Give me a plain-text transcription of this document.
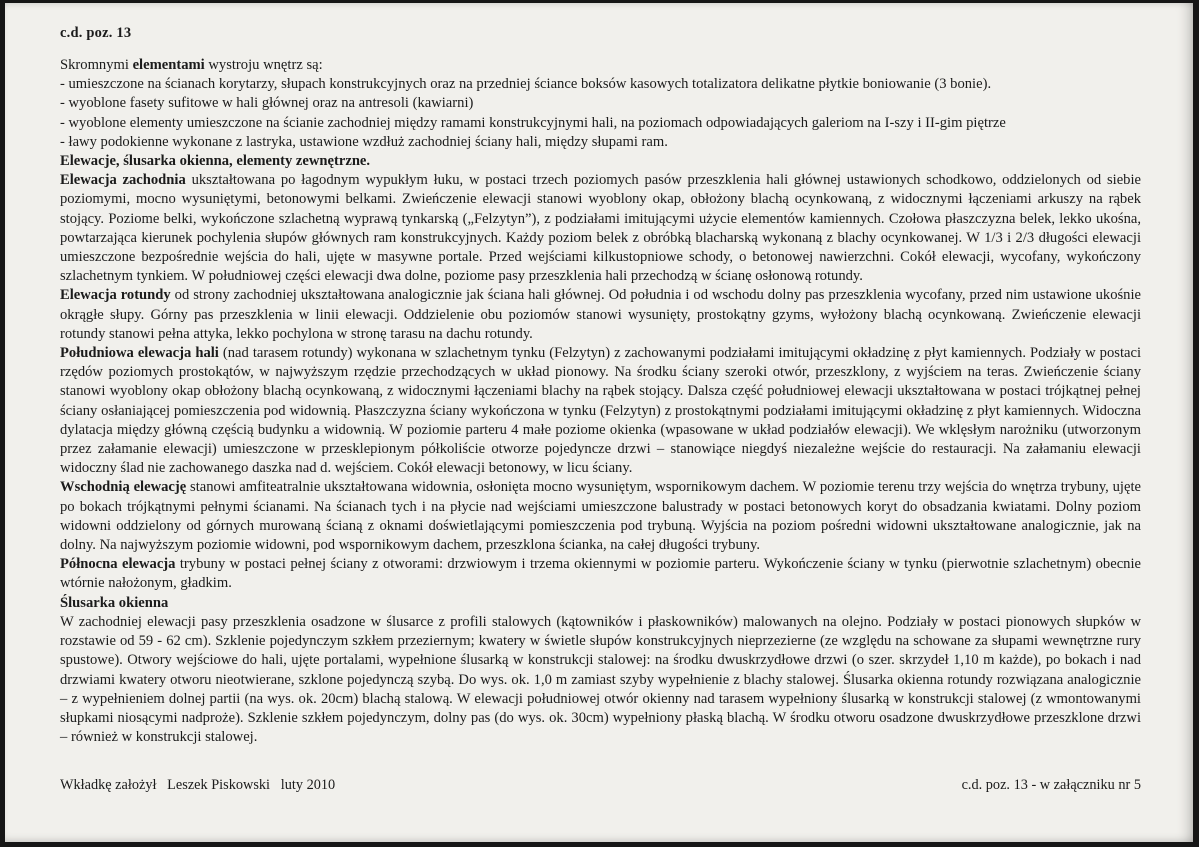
c.d. poz. 13

Skromnymi elementami wystroju wnętrz są:

- umieszczone na ścianach korytarzy, słupach konstrukcyjnych oraz na przedniej ściance boksów kasowych totalizatora delikatne płytkie boniowanie (3 bonie).
- wyoblone fasety sufitowe w hali głównej oraz na antresoli (kawiarni)
- wyoblone elementy umieszczone na ścianie zachodniej między ramami konstrukcyjnymi hali, na poziomach odpowiadających galeriom na I-szy i II-gim piętrze
- ławy podokienne wykonane z lastryka, ustawione wzdłuż zachodniej ściany hali, między słupami ram.

Elewacje, ślusarka okienna, elementy zewnętrzne.

Elewacja zachodnia ukształtowana po łagodnym wypukłym łuku, w postaci trzech poziomych pasów przeszklenia hali głównej ustawionych schodkowo, oddzielonych od siebie poziomymi, mocno wysuniętymi, betonowymi belkami. Zwieńczenie elewacji stanowi wyoblony okap, obłożony blachą ocynkowaną, z widocznymi łączeniami arkuszy na rąbek stojący. Poziome belki, wykończone szlachetną wyprawą tynkarską („Felzytyn”), z podziałami imitującymi użycie elementów kamiennych. Czołowa płaszczyzna belek, lekko ukośna, powtarzająca kierunek pochylenia słupów głównych ram konstrukcyjnych. Każdy poziom belek z obróbką blacharską wykonaną z blachy ocynkowanej. W 1/3 i 2/3 długości elewacji umieszczone bezpośrednie wejścia do hali, ujęte w masywne portale. Przed wejściami kilkustopniowe schody, o betonowej nawierzchni. Cokół elewacji, wycofany, wykończony szlachetnym tynkiem. W południowej części elewacji dwa dolne, poziome pasy przeszklenia hali przechodzą w ścianę osłonową rotundy.

Elewacja rotundy od strony zachodniej ukształtowana analogicznie jak ściana hali głównej. Od południa i od wschodu dolny pas przeszklenia wycofany, przed nim ustawione ukośnie okrągłe słupy. Górny pas przeszklenia w linii elewacji. Oddzielenie obu poziomów stanowi wysunięty, prostokątny gzyms, wyłożony blachą ocynkowaną. Zwieńczenie elewacji rotundy stanowi pełna attyka, lekko pochylona w stronę tarasu na dachu rotundy.

Południowa elewacja hali (nad tarasem rotundy) wykonana w szlachetnym tynku (Felzytyn) z zachowanymi podziałami imitującymi okładzinę z płyt kamiennych. Podziały w postaci rzędów poziomych prostokątów, w najwyższym rzędzie przechodzących w układ pionowy. Na środku ściany szeroki otwór, przeszklony, z wyjściem na teras. Zwieńczenie ściany stanowi wyoblony okap obłożony blachą ocynkowaną, z widocznymi łączeniami blachy na rąbek stojący. Dalsza część południowej elewacji ukształtowana w postaci trójkątnej pełnej ściany osłaniającej pomieszczenia pod widownią. Płaszczyzna ściany wykończona w tynku (Felzytyn) z prostokątnymi podziałami imitującymi okładzinę z płyt kamiennych. Widoczna dylatacja między główną częścią budynku a widownią. W poziomie parteru 4 małe poziome okienka (wpasowane w układ podziałów elewacji). We wklęsłym narożniku (utworzonym przez załamanie elewacji) umieszczone w przesklepionym półkoliście otworze pojedyncze drzwi – stanowiące niegdyś niezależne wejście do restauracji. Na załamaniu elewacji widoczny ślad nie zachowanego daszka nad d. wejściem. Cokół elewacji betonowy, w licu ściany.

Wschodnią elewację stanowi amfiteatralnie ukształtowana widownia, osłonięta mocno wysuniętym, wspornikowym dachem. W poziomie terenu trzy wejścia do wnętrza trybuny, ujęte po bokach trójkątnymi pełnymi ścianami. Na ścianach tych i na płycie nad wejściami umieszczone balustrady w postaci betonowych koryt do obsadzania kwiatami. Dolny poziom widowni oddzielony od górnych murowaną ścianą z oknami doświetlającymi pomieszczenia pod trybuną. Wyjścia na poziom pośredni widowni ukształtowane analogicznie, jak na dolny. Na najwyższym poziomie widowni, pod wspornikowym dachem, przeszklona ścianka, na całej długości trybuny.

Północna elewacja trybuny w postaci pełnej ściany z otworami: drzwiowym i trzema okiennymi w poziomie parteru. Wykończenie ściany w tynku (pierwotnie szlachetnym) obecnie wtórnie nałożonym, gładkim.

Ślusarka okienna

W zachodniej elewacji pasy przeszklenia osadzone w ślusarce z profili stalowych (kątowników i płaskowników) malowanych na olejno. Podziały w postaci pionowych słupków w rozstawie od 59 - 62 cm). Szklenie pojedynczym szkłem przeziernym; kwatery w świetle słupów konstrukcyjnych nieprzezierne (ze względu na schowane za słupami wewnętrzne rury spustowe). Otwory wejściowe do hali, ujęte portalami, wypełnione ślusarką w konstrukcji stalowej: na środku dwuskrzydłowe drzwi (o szer. skrzydeł 1,10 m każde), po bokach i nad drzwiami kwatery otworu nieotwierane, szklone pojedynczą szybą. Do wys. ok. 1,0 m zamiast szyby wypełnienie z blachy stalowej. Ślusarka okienna rotundy rozwiązana analogicznie – z wypełnieniem dolnej partii (na wys. ok. 20cm) blachą stalową. W elewacji południowej otwór okienny nad tarasem wypełniony ślusarką w konstrukcji stalowej (z wmontowanymi słupkami niosącymi nadproże). Szklenie szkłem pojedynczym, dolny pas (do wys. ok. 30cm) wypełniony płaską blachą. W środku otworu osadzone dwuskrzydłowe przeszklone drzwi – również w konstrukcji stalowej.

Wkładkę założył   Leszek Piskowski   luty 2010	c.d. poz. 13 - w załączniku nr 5
